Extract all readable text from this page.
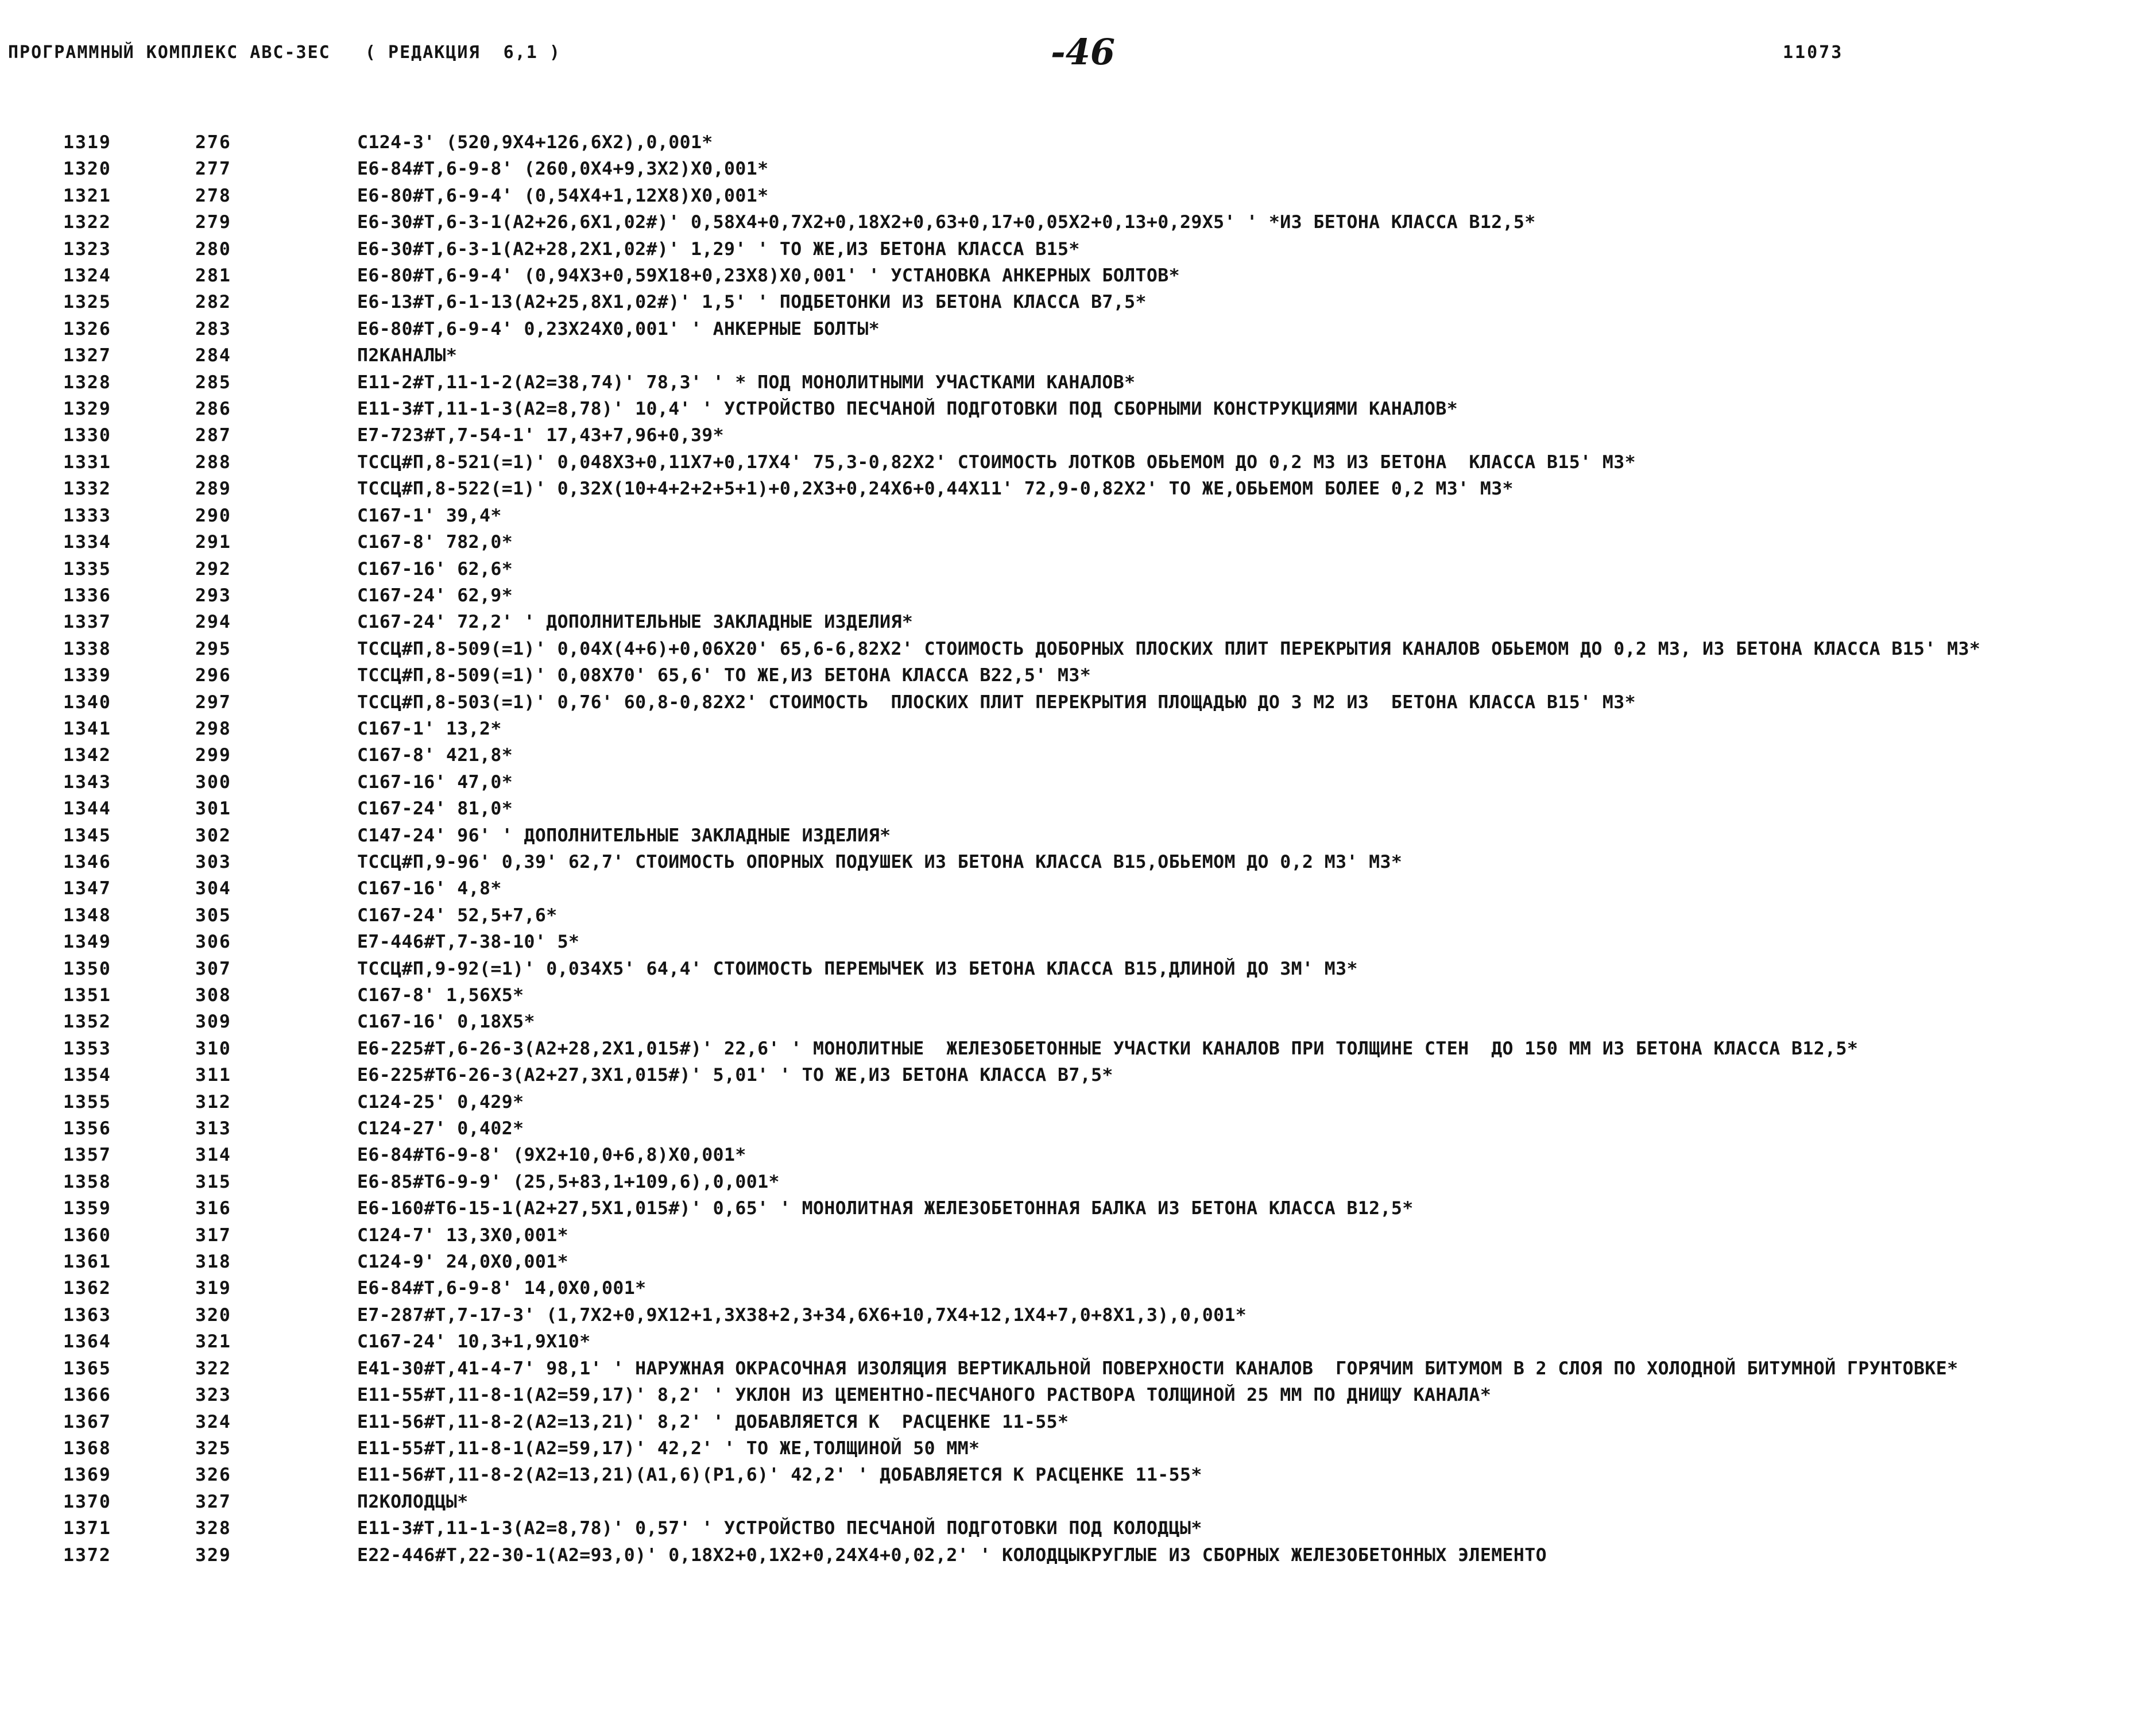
ПРОГРАММНЫЙ КОМПЛЕКС АВС-3ЕС   ( РЕДАКЦИЯ  6,1 )	-46	11073
1319	276	С124-3' (520,9Х4+126,6Х2),0,001*
1320	277	Е6-84#Т,6-9-8' (260,0Х4+9,3Х2)Х0,001*
1321	278	Е6-80#Т,6-9-4' (0,54Х4+1,12Х8)Х0,001*
1322	279	Е6-30#Т,6-3-1(А2+26,6Х1,02#)' 0,58Х4+0,7Х2+0,18Х2+0,63+0,17+0,05Х2+0,13+0,29Х5' ' *ИЗ БЕТОНА КЛАССА В12,5*
1323	280	Е6-30#Т,6-3-1(А2+28,2Х1,02#)' 1,29' ' ТО ЖЕ,ИЗ БЕТОНА КЛАССА В15*
1324	281	Е6-80#Т,6-9-4' (0,94Х3+0,59Х18+0,23Х8)Х0,001' ' УСТАНОВКА АНКЕРНЫХ БОЛТОВ*
1325	282	Е6-13#Т,6-1-13(А2+25,8Х1,02#)' 1,5' ' ПОДБЕТОНКИ ИЗ БЕТОНА КЛАССА В7,5*
1326	283	Е6-80#Т,6-9-4' 0,23Х24Х0,001' ' АНКЕРНЫЕ БОЛТЫ*
1327	284	П2КАНАЛЫ*
1328	285	Е11-2#Т,11-1-2(А2=38,74)' 78,3' ' * ПОД МОНОЛИТНЫМИ УЧАСТКАМИ КАНАЛОВ*
1329	286	Е11-3#Т,11-1-3(А2=8,78)' 10,4' ' УСТРОЙСТВО ПЕСЧАНОЙ ПОДГОТОВКИ ПОД СБОРНЫМИ КОНСТРУКЦИЯМИ КАНАЛОВ*
1330	287	Е7-723#Т,7-54-1' 17,43+7,96+0,39*
1331	288	ТССЦ#П,8-521(=1)' 0,048Х3+0,11Х7+0,17Х4' 75,3-0,82Х2' СТОИМОСТЬ ЛОТКОВ ОБЬЕМОМ ДО 0,2 М3 ИЗ БЕТОНА  КЛАССА В15' М3*
1332	289	ТССЦ#П,8-522(=1)' 0,32Х(10+4+2+2+5+1)+0,2Х3+0,24Х6+0,44Х11' 72,9-0,82Х2' ТО ЖЕ,ОБЬЕМОМ БОЛЕЕ 0,2 М3' М3*
1333	290	С167-1' 39,4*
1334	291	С167-8' 782,0*
1335	292	С167-16' 62,6*
1336	293	С167-24' 62,9*
1337	294	С167-24' 72,2' ' ДОПОЛНИТЕЛЬНЫЕ ЗАКЛАДНЫЕ ИЗДЕЛИЯ*
1338	295	ТССЦ#П,8-509(=1)' 0,04Х(4+6)+0,06Х20' 65,6-6,82Х2' СТОИМОСТЬ ДОБОРНЫХ ПЛОСКИХ ПЛИТ ПЕРЕКРЫТИЯ КАНАЛОВ ОБЬЕМОМ ДО 0,2 М3, ИЗ БЕТОНА КЛАССА В15' М3*
1339	296	ТССЦ#П,8-509(=1)' 0,08Х70' 65,6' ТО ЖЕ,ИЗ БЕТОНА КЛАССА В22,5' М3*
1340	297	ТССЦ#П,8-503(=1)' 0,76' 60,8-0,82Х2' СТОИМОСТЬ  ПЛОСКИХ ПЛИТ ПЕРЕКРЫТИЯ ПЛОЩАДЬЮ ДО 3 М2 ИЗ  БЕТОНА КЛАССА В15' М3*
1341	298	С167-1' 13,2*
1342	299	С167-8' 421,8*
1343	300	С167-16' 47,0*
1344	301	С167-24' 81,0*
1345	302	С147-24' 96' ' ДОПОЛНИТЕЛЬНЫЕ ЗАКЛАДНЫЕ ИЗДЕЛИЯ*
1346	303	ТССЦ#П,9-96' 0,39' 62,7' СТОИМОСТЬ ОПОРНЫХ ПОДУШЕК ИЗ БЕТОНА КЛАССА В15,ОБЬЕМОМ ДО 0,2 М3' М3*
1347	304	С167-16' 4,8*
1348	305	С167-24' 52,5+7,6*
1349	306	Е7-446#Т,7-38-10' 5*
1350	307	ТССЦ#П,9-92(=1)' 0,034Х5' 64,4' СТОИМОСТЬ ПЕРЕМЫЧЕК ИЗ БЕТОНА КЛАССА В15,ДЛИНОЙ ДО 3М' М3*
1351	308	С167-8' 1,56Х5*
1352	309	С167-16' 0,18Х5*
1353	310	Е6-225#Т,6-26-3(А2+28,2Х1,015#)' 22,6' ' МОНОЛИТНЫЕ  ЖЕЛЕЗОБЕТОННЫЕ УЧАСТКИ КАНАЛОВ ПРИ ТОЛЩИНЕ СТЕН  ДО 150 ММ ИЗ БЕТОНА КЛАССА В12,5*
1354	311	Е6-225#Т6-26-3(А2+27,3Х1,015#)' 5,01' ' ТО ЖЕ,ИЗ БЕТОНА КЛАССА В7,5*
1355	312	С124-25' 0,429*
1356	313	С124-27' 0,402*
1357	314	Е6-84#Т6-9-8' (9Х2+10,0+6,8)Х0,001*
1358	315	Е6-85#Т6-9-9' (25,5+83,1+109,6),0,001*
1359	316	Е6-160#Т6-15-1(А2+27,5Х1,015#)' 0,65' ' МОНОЛИТНАЯ ЖЕЛЕЗОБЕТОННАЯ БАЛКА ИЗ БЕТОНА КЛАССА В12,5*
1360	317	С124-7' 13,3Х0,001*
1361	318	С124-9' 24,0Х0,001*
1362	319	Е6-84#Т,6-9-8' 14,0Х0,001*
1363	320	Е7-287#Т,7-17-3' (1,7Х2+0,9Х12+1,3Х38+2,3+34,6Х6+10,7Х4+12,1Х4+7,0+8Х1,3),0,001*
1364	321	С167-24' 10,3+1,9Х10*
1365	322	Е41-30#Т,41-4-7' 98,1' ' НАРУЖНАЯ ОКРАСОЧНАЯ ИЗОЛЯЦИЯ ВЕРТИКАЛЬНОЙ ПОВЕРХНОСТИ КАНАЛОВ  ГОРЯЧИМ БИТУМОМ В 2 СЛОЯ ПО ХОЛОДНОЙ БИТУМНОЙ ГРУНТОВКЕ*
1366	323	Е11-55#Т,11-8-1(А2=59,17)' 8,2' ' УКЛОН ИЗ ЦЕМЕНТНО-ПЕСЧАНОГО РАСТВОРА ТОЛЩИНОЙ 25 ММ ПО ДНИЩУ КАНАЛА*
1367	324	Е11-56#Т,11-8-2(А2=13,21)' 8,2' ' ДОБАВЛЯЕТСЯ К  РАСЦЕНКЕ 11-55*
1368	325	Е11-55#Т,11-8-1(А2=59,17)' 42,2' ' ТО ЖЕ,ТОЛЩИНОЙ 50 ММ*
1369	326	Е11-56#Т,11-8-2(А2=13,21)(А1,6)(Р1,6)' 42,2' ' ДОБАВЛЯЕТСЯ К РАСЦЕНКЕ 11-55*
1370	327	П2КОЛОДЦЫ*
1371	328	Е11-3#Т,11-1-3(А2=8,78)' 0,57' ' УСТРОЙСТВО ПЕСЧАНОЙ ПОДГОТОВКИ ПОД КОЛОДЦЫ*
1372	329	Е22-446#Т,22-30-1(А2=93,0)' 0,18Х2+0,1Х2+0,24Х4+0,02,2' ' КОЛОДЦЫКРУГЛЫЕ ИЗ СБОРНЫХ ЖЕЛЕЗОБЕТОННЫХ ЭЛЕМЕНТО
